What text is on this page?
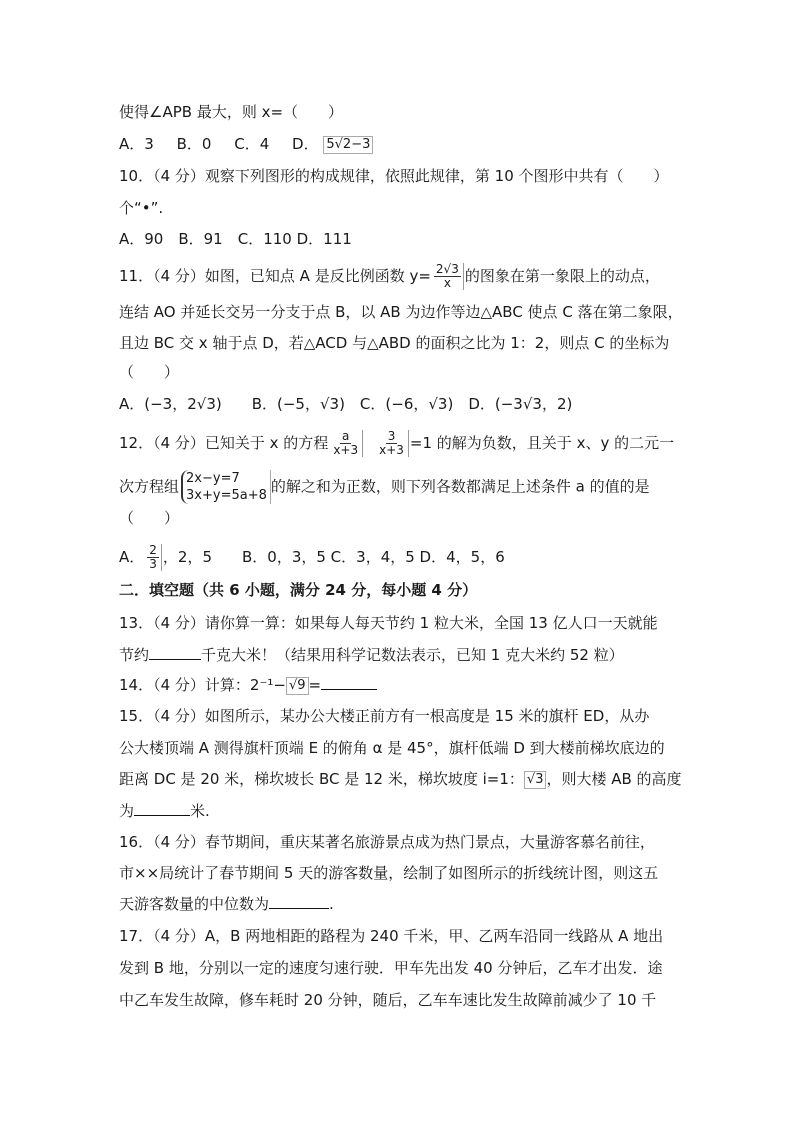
使得∠APB 最大，则 x=（　　）
A．3 B．0 C．4 D． 5√2−3
10．（4 分）观察下列图形的构成规律，依照此规律，第 10 个图形中共有（　　）
个“•”.
A．90　B．91　C．110 D．111
11．（4 分）如图，已知点 A 是反比例函数 $y= \frac{2√3}{x}$ 的图象在第一象限上的动点，
连结 AO 并延长交另一分支于点 B，以 AB 为边作等边△ABC 使点 C 落在第二象限，
且边 BC 交 x 轴于点 D，若△ACD 与△ABD 的面积之比为 1：2，则点 C 的坐标为
（　　）
A．(−3，2√3)　　B．(−5，√3)　C．(−6，√3)　D．(−3√3，2)
12．（4 分）已知关于 x 的方程 $\frac{a}{x+3} \frac{3}{x+3} =1$ 的解为负数，且关于 x、y 的二元一
次方程组 2x−y=7
3x+y=5a+8 的解之和为正数，则下列各数都满足上述条件 a 的值的是
（　　）
A． $\frac{2}{3}$ ，2，5　　B．0，3，5 C．3，4，5 D．4，5，6
二．填空题（共 6 小题，满分 24 分，每小题 4 分）
13．（4 分）请你算一算：如果每人每天节约 1 粒大米，全国 13 亿人口一天就能
节约	千克大米！（结果用科学记数法表示，已知 1 克大米约 52 粒）
14．（4 分）计算：2⁻¹− √9 =
15．（4 分）如图所示，某办公大楼正前方有一根高度是 15 米的旗杆 ED，从办
公大楼顶端 A 测得旗杆顶端 E 的俯角 α 是 45°，旗杆低端 D 到大楼前梯坎底边的
距离 DC 是 20 米，梯坎坡长 BC 是 12 米，梯坎坡度 i=1： √3 ，则大楼 AB 的高度
为	米.
16．（4 分）春节期间，重庆某著名旅游景点成为热门景点，大量游客慕名前往，
市××局统计了春节期间 5 天的游客数量，绘制了如图所示的折线统计图，则这五
天游客数量的中位数为	.
17．（4 分）A，B 两地相距的路程为 240 千米，甲、乙两车沿同一线路从 A 地出
发到 B 地，分别以一定的速度匀速行驶．甲车先出发 40 分钟后，乙车才出发．途
中乙车发生故障，修车耗时 20 分钟，随后，乙车车速比发生故障前减少了 10 千
